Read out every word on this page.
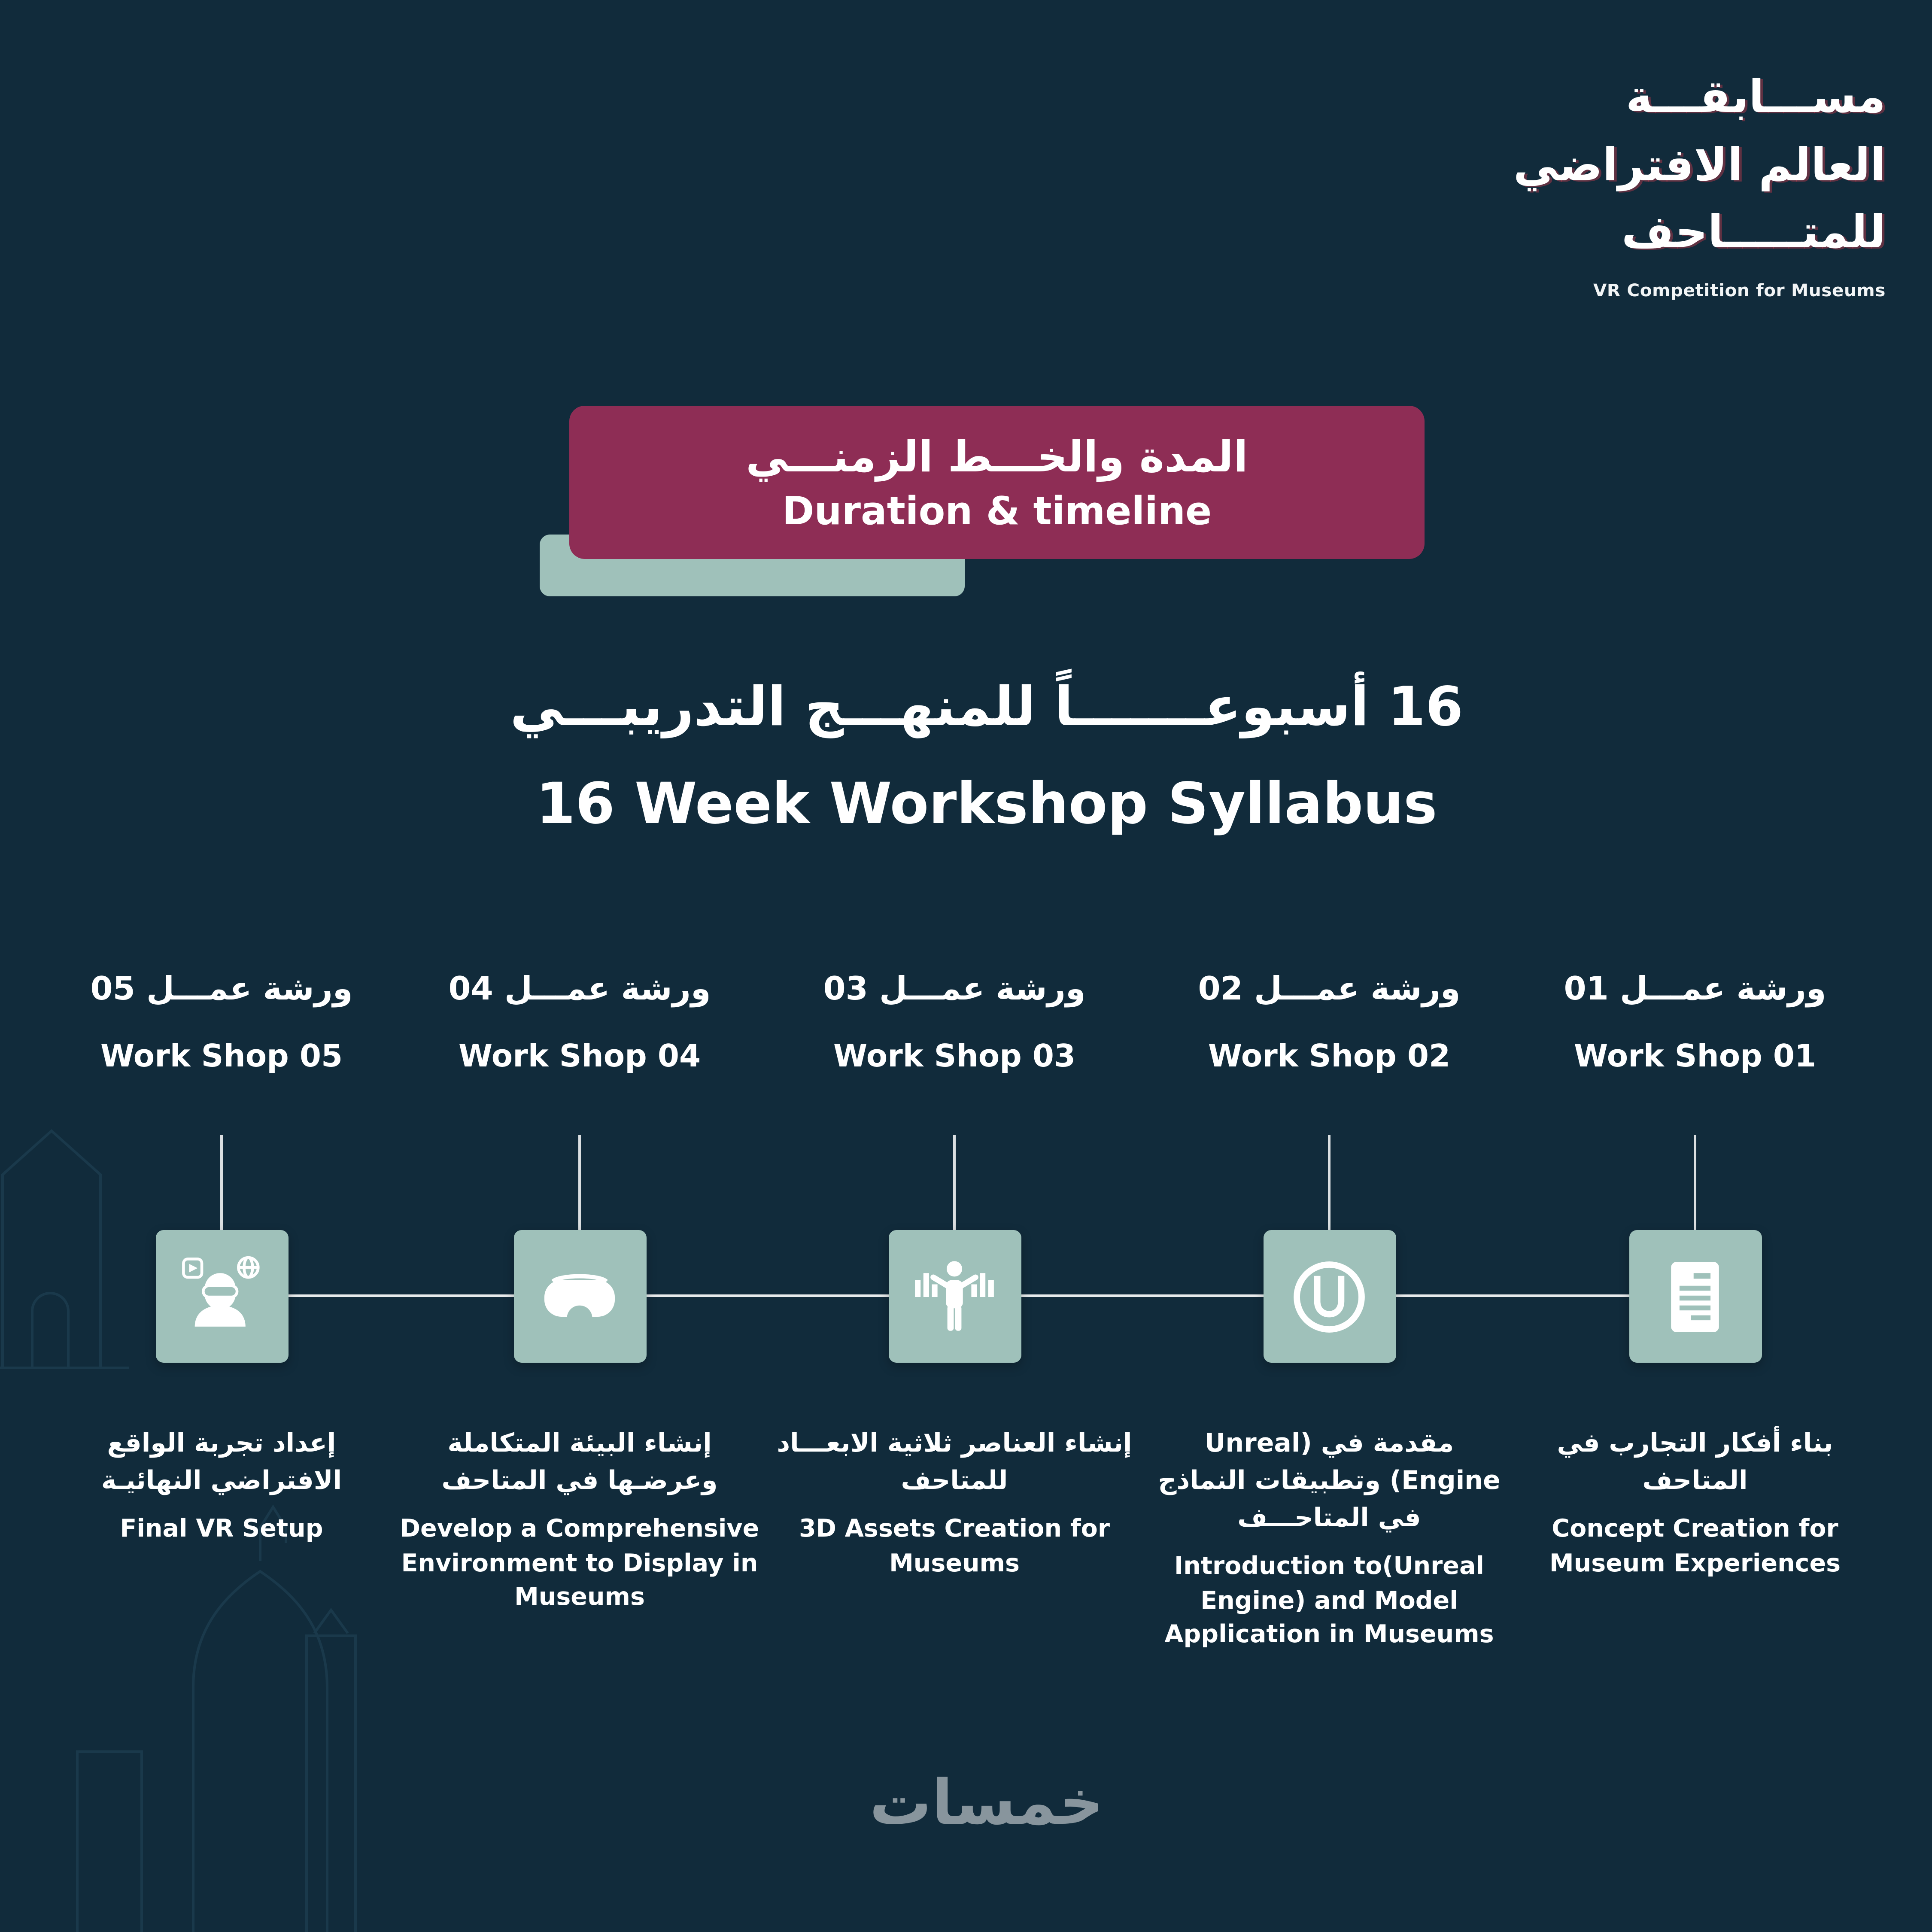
مســـابقـــة
العالم الافتراضي
للمتـــــاحف
VR Competition for Museums
المدة والخـــط الزمنـــي
Duration & timeline
16 أسبوعـــــــاً للمنهـــج التدريبـــي
16 Week Workshop Syllabus
ورشة عمـــل 05
Work Shop 05
إعداد تجربة الواقع الافتراضي النهائيـة
Final VR Setup
ورشة عمـــل 04
Work Shop 04
إنشاء البيئة المتكاملة وعرضـها في المتاحف
Develop a Comprehensive Environment to Display in Museums
ورشة عمـــل 03
Work Shop 03
إنشاء العناصر ثلاثية الابعـــاد للمتاحف
3D Assets Creation for Museums
ورشة عمـــل 02
Work Shop 02
مقدمة في (Unreal Engine) وتطبيقات النماذج في المتاحـــف
Introduction to(Unreal Engine) and Model Application in Museums
ورشة عمـــل 01
Work Shop 01
بناء أفكار التجارب في المتاحف
Concept Creation for Museum Experiences
خمسات
